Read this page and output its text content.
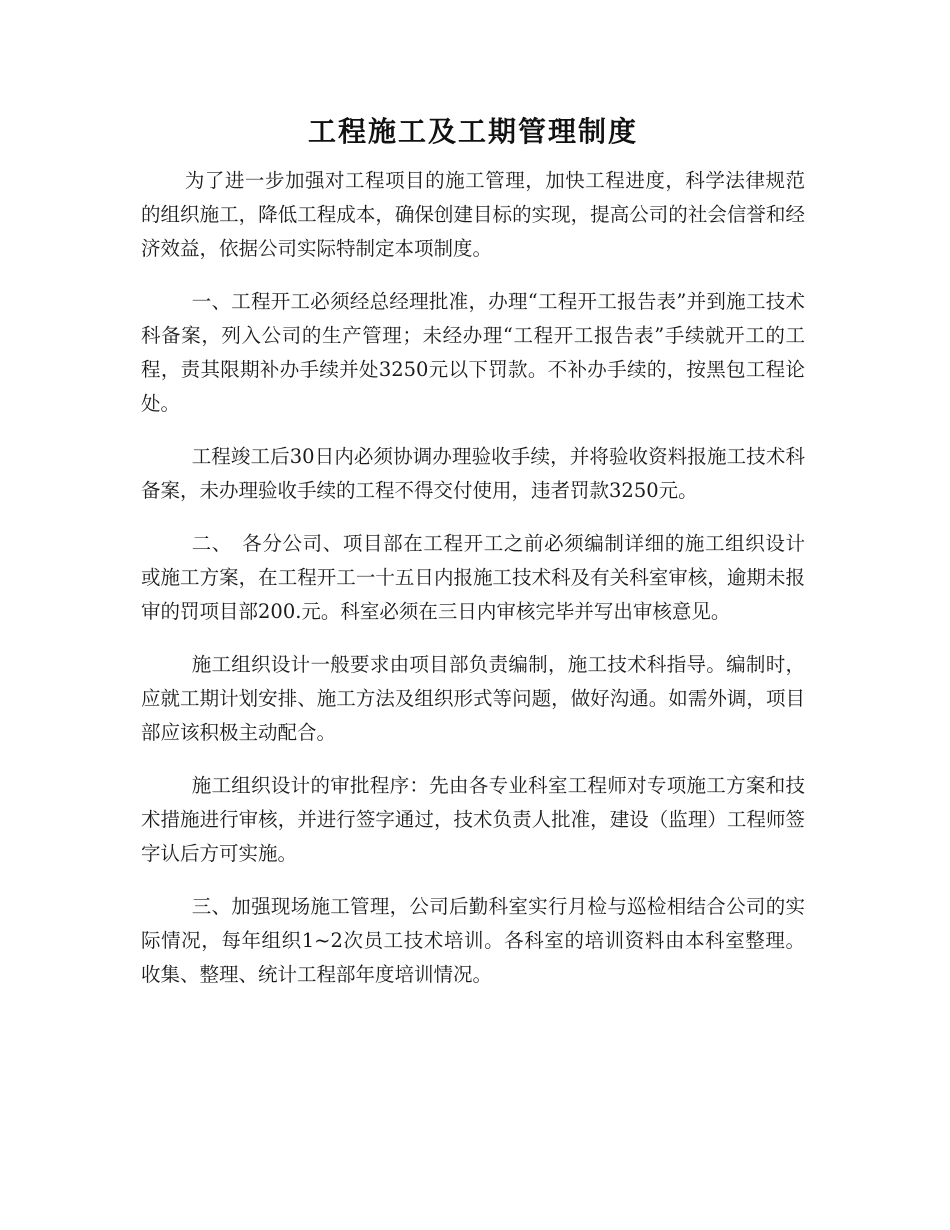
工程施工及工期管理制度

为了进一步加强对工程项目的施工管理，加快工程进度，科学法律规范的组织施工，降低工程成本，确保创建目标的实现，提高公司的社会信誉和经济效益，依据公司实际特制定本项制度。

一、工程开工必须经总经理批准，办理“工程开工报告表”并到施工技术科备案，列入公司的生产管理；未经办理“工程开工报告表”手续就开工的工程，责其限期补办手续并处3250元以下罚款。不补办手续的，按黑包工程论处。

工程竣工后30日内必须协调办理验收手续，并将验收资料报施工技术科备案，未办理验收手续的工程不得交付使用，违者罚款3250元。

二、　各分公司、项目部在工程开工之前必须编制详细的施工组织设计或施工方案，在工程开工一十五日内报施工技术科及有关科室审核，逾期未报审的罚项目部200.元。科室必须在三日内审核完毕并写出审核意见。

施工组织设计一般要求由项目部负责编制，施工技术科指导。编制时，应就工期计划安排、施工方法及组织形式等问题，做好沟通。如需外调，项目部应该积极主动配合。

施工组织设计的审批程序：先由各专业科室工程师对专项施工方案和技术措施进行审核，并进行签字通过，技术负责人批准，建设（监理）工程师签字认后方可实施。

三、加强现场施工管理，公司后勤科室实行月检与巡检相结合公司的实际情况，每年组织1~2次员工技术培训。各科室的培训资料由本科室整理。收集、整理、统计工程部年度培训情况。
